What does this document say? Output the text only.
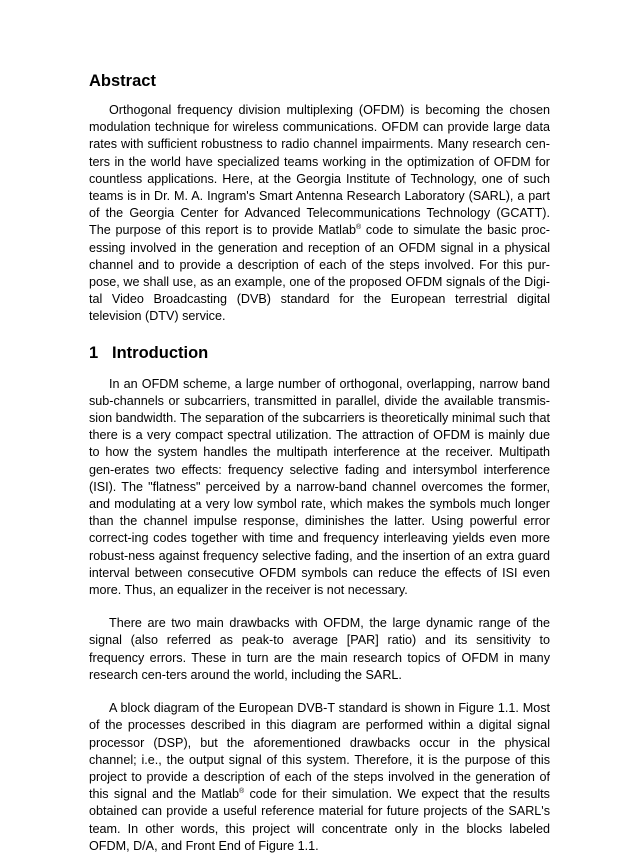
Abstract

Orthogonal frequency division multiplexing (OFDM) is becoming the chosen modulation technique for wireless communications. OFDM can provide large data rates with sufficient robustness to radio channel impairments. Many research cen-ters in the world have specialized teams working in the optimization of OFDM for countless applications. Here, at the Georgia Institute of Technology, one of such teams is in Dr. M. A. Ingram's Smart Antenna Research Laboratory (SARL), a part of the Georgia Center for Advanced Telecommunications Technology (GCATT). The purpose of this report is to provide Matlab® code to simulate the basic proc-essing involved in the generation and reception of an OFDM signal in a physical channel and to provide a description of each of the steps involved. For this pur-pose, we shall use, as an example, one of the proposed OFDM signals of the Digi-tal Video Broadcasting (DVB) standard for the European terrestrial digital television (DTV) service.

1 Introduction

In an OFDM scheme, a large number of orthogonal, overlapping, narrow band sub-channels or subcarriers, transmitted in parallel, divide the available transmis-sion bandwidth. The separation of the subcarriers is theoretically minimal such that there is a very compact spectral utilization. The attraction of OFDM is mainly due to how the system handles the multipath interference at the receiver. Multipath gen-erates two effects: frequency selective fading and intersymbol interference (ISI). The "flatness" perceived by a narrow-band channel overcomes the former, and modulating at a very low symbol rate, which makes the symbols much longer than the channel impulse response, diminishes the latter. Using powerful error correct-ing codes together with time and frequency interleaving yields even more robust-ness against frequency selective fading, and the insertion of an extra guard interval between consecutive OFDM symbols can reduce the effects of ISI even more. Thus, an equalizer in the receiver is not necessary.

There are two main drawbacks with OFDM, the large dynamic range of the signal (also referred as peak-to average [PAR] ratio) and its sensitivity to frequency errors. These in turn are the main research topics of OFDM in many research cen-ters around the world, including the SARL.

A block diagram of the European DVB-T standard is shown in Figure 1.1. Most of the processes described in this diagram are performed within a digital signal processor (DSP), but the aforementioned drawbacks occur in the physical channel; i.e., the output signal of this system. Therefore, it is the purpose of this project to provide a description of each of the steps involved in the generation of this signal and the Matlab® code for their simulation. We expect that the results obtained can provide a useful reference material for future projects of the SARL's team. In other words, this project will concentrate only in the blocks labeled OFDM, D/A, and Front End of Figure 1.1.
